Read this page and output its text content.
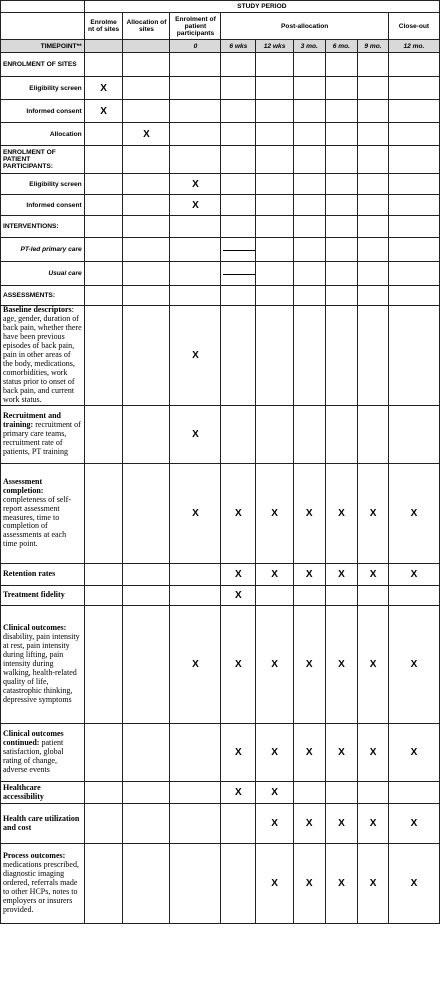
	STUDY PERIOD								
	Enrolme nt of sites	Allocation of sites	Enrolment of patient participants	Post-allocation					Close-out
TIMEPOINT**			0	6 wks	12 wks	3 mo.	6 mo.	9 mo.	12 mo.
ENROLMENT OF SITES									
Eligibility screen	X								
Informed consent	X								
Allocation		X							
ENROLMENT OF PATIENT PARTICIPANTS:									
Eligibility screen			X						
Informed consent			X						
INTERVENTIONS:									
PT-led primary care				

Usual care				

ASSESSMENTS:									
Baseline descriptors: age, gender, duration of back pain, whether there have been previous episodes of back pain, pain in other areas of the body, medications, comorbidities, work status prior to onset of back pain, and current work status.			X						
Recruitment and training: recruitment of primary care teams, recruitment rate of patients, PT training			X						
Assessment completion: completeness of self-report assessment measures, time to completion of assessments at each time point.			X	X	X	X	X	X	X
Retention rates				X	X	X	X	X	X
Treatment fidelity				X					
Clinical outcomes: disability, pain intensity at rest, pain intensity during lifting, pain intensity during walking, health-related quality of life, catastrophic thinking, depressive symptoms			X	X	X	X	X	X	X
Clinical outcomes continued: patient satisfaction, global rating of change, adverse events				X	X	X	X	X	X
Healthcare accessibility				X	X				
Health care utilization and cost					X	X	X	X	X
Process outcomes: medications prescribed, diagnostic imaging ordered, referrals made to other HCPs, notes to employers or insurers provided.					X	X	X	X	X
